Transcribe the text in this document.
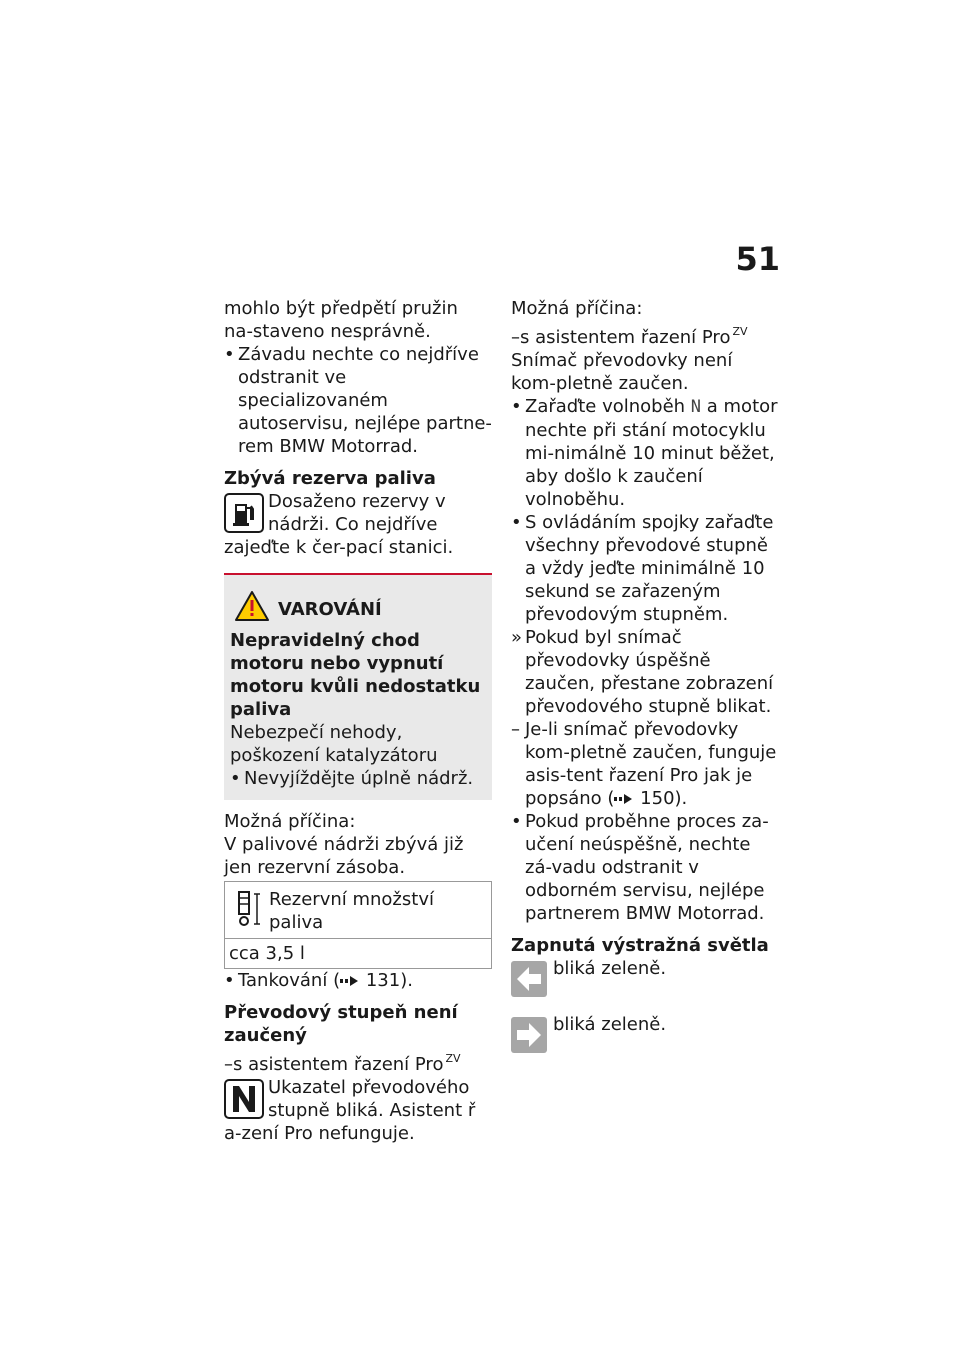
51

mohlo být předpětí pružin na-staveno nesprávně.

• Závadu nechte co nejdříve odstranit ve specializovaném autoservisu, nejlépe partne-rem BMW Motorrad.

Zbývá rezerva paliva

Dosaženo rezervy v nádrži. Co nejdříve zajeďte k čer-pací stanici.
VAROVÁNÍ

Nepravidelný chod motoru nebo vypnutí motoru kvůli nedostatku paliva

Nebezpečí nehody, poškození katalyzátoru

• Nevyjíždějte úplně nádrž.

Možná příčina:

V palivové nádrži zbývá již jen rezervní zásoba.

Rezervní množství paliva
cca 3,5 l

• Tankování ( 131).

Převodový stupeň není zaučený

–s asistentem řazení Pro $^{ZV}$

Ukazatel převodového stupně bliká. Asistent ř a-zení Pro nefunguje.

Možná příčina:

–s asistentem řazení Pro $^{ZV}$

Snímač převodovky není kom-pletně zaučen.

• Zařaďte volnoběh N a motor nechte při stání motocyklu mi-nimálně 10 minut běžet, aby došlo k zaučení volnoběhu.

• S ovládáním spojky zařaďte všechny převodové stupně a vždy jeďte minimálně 10 sekund se zařazeným převodovým stupněm.

» Pokud byl snímač převodovky úspěšně zaučen, přestane zobrazení převodového stupně blikat.

– Je-li snímač převodovky kom-pletně zaučen, funguje asis-tent řazení Pro jak je popsáno ( 150).

• Pokud proběhne proces za-učení neúspěšně, nechte zá-vadu odstranit v odborném servisu, nejlépe partnerem BMW Motorrad.

Zapnutá výstražná světla

bliká zeleně.
bliká zeleně.
